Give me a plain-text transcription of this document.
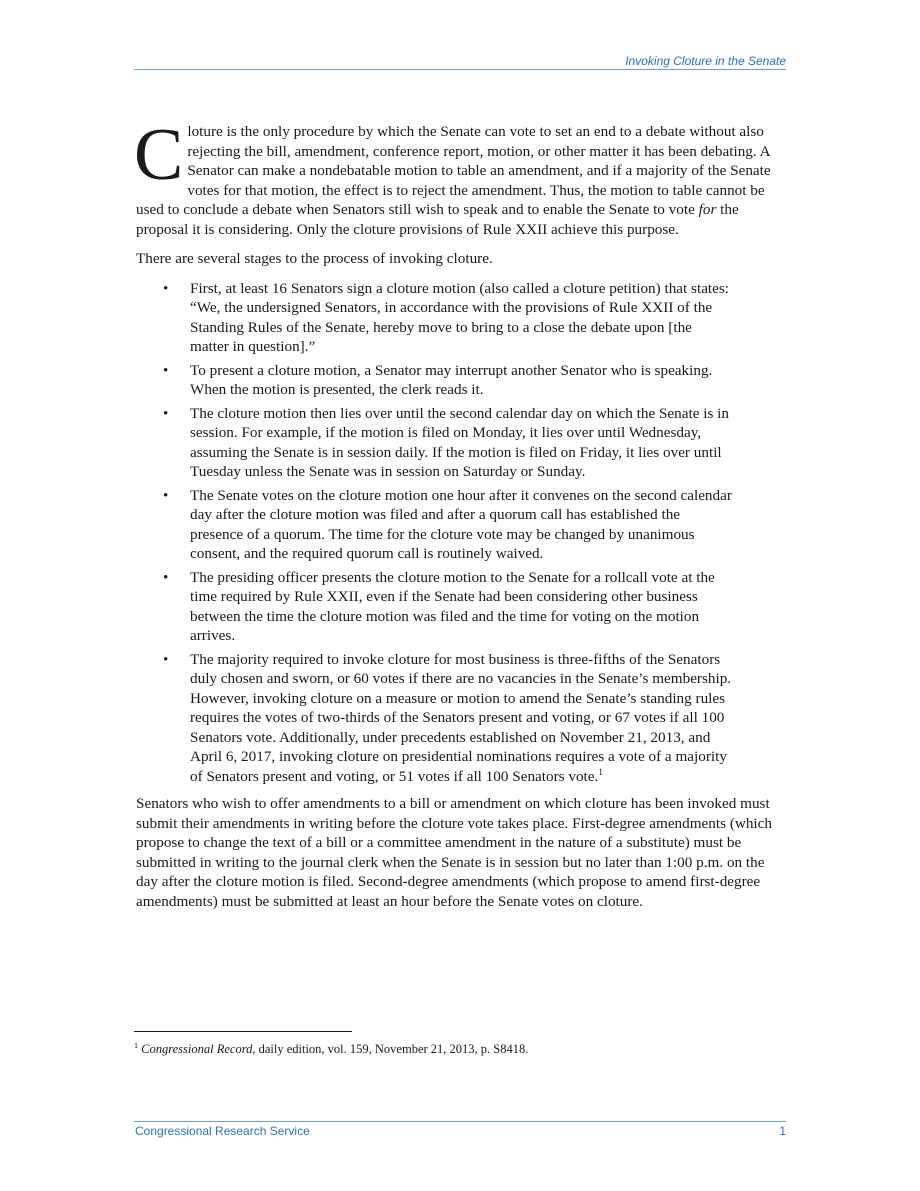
Invoking Cloture in the Senate

Cloture is the only procedure by which the Senate can vote to set an end to a debate without also rejecting the bill, amendment, conference report, motion, or other matter it has been debating. A Senator can make a nondebatable motion to table an amendment, and if a majority of the Senate votes for that motion, the effect is to reject the amendment. Thus, the motion to table cannot be used to conclude a debate when Senators still wish to speak and to enable the Senate to vote for the proposal it is considering. Only the cloture provisions of Rule XXII achieve this purpose.

There are several stages to the process of invoking cloture.

• First, at least 16 Senators sign a cloture motion (also called a cloture petition) that states: “We, the undersigned Senators, in accordance with the provisions of Rule XXII of the Standing Rules of the Senate, hereby move to bring to a close the debate upon [the matter in question].”
• To present a cloture motion, a Senator may interrupt another Senator who is speaking. When the motion is presented, the clerk reads it.
• The cloture motion then lies over until the second calendar day on which the Senate is in session. For example, if the motion is filed on Monday, it lies over until Wednesday, assuming the Senate is in session daily. If the motion is filed on Friday, it lies over until Tuesday unless the Senate was in session on Saturday or Sunday.
• The Senate votes on the cloture motion one hour after it convenes on the second calendar day after the cloture motion was filed and after a quorum call has established the presence of a quorum. The time for the cloture vote may be changed by unanimous consent, and the required quorum call is routinely waived.
• The presiding officer presents the cloture motion to the Senate for a rollcall vote at the time required by Rule XXII, even if the Senate had been considering other business between the time the cloture motion was filed and the time for voting on the motion arrives.
• The majority required to invoke cloture for most business is three-fifths of the Senators duly chosen and sworn, or 60 votes if there are no vacancies in the Senate’s membership. However, invoking cloture on a measure or motion to amend the Senate’s standing rules requires the votes of two-thirds of the Senators present and voting, or 67 votes if all 100 Senators vote. Additionally, under precedents established on November 21, 2013, and April 6, 2017, invoking cloture on presidential nominations requires a vote of a majority of Senators present and voting, or 51 votes if all 100 Senators vote.$^1$

Senators who wish to offer amendments to a bill or amendment on which cloture has been invoked must submit their amendments in writing before the cloture vote takes place. First-degree amendments (which propose to change the text of a bill or a committee amendment in the nature of a substitute) must be submitted in writing to the journal clerk when the Senate is in session but no later than 1:00 p.m. on the day after the cloture motion is filed. Second-degree amendments (which propose to amend first-degree amendments) must be submitted at least an hour before the Senate votes on cloture.

$^1$ Congressional Record, daily edition, vol. 159, November 21, 2013, p. S8418.
Congressional Research Service	1
